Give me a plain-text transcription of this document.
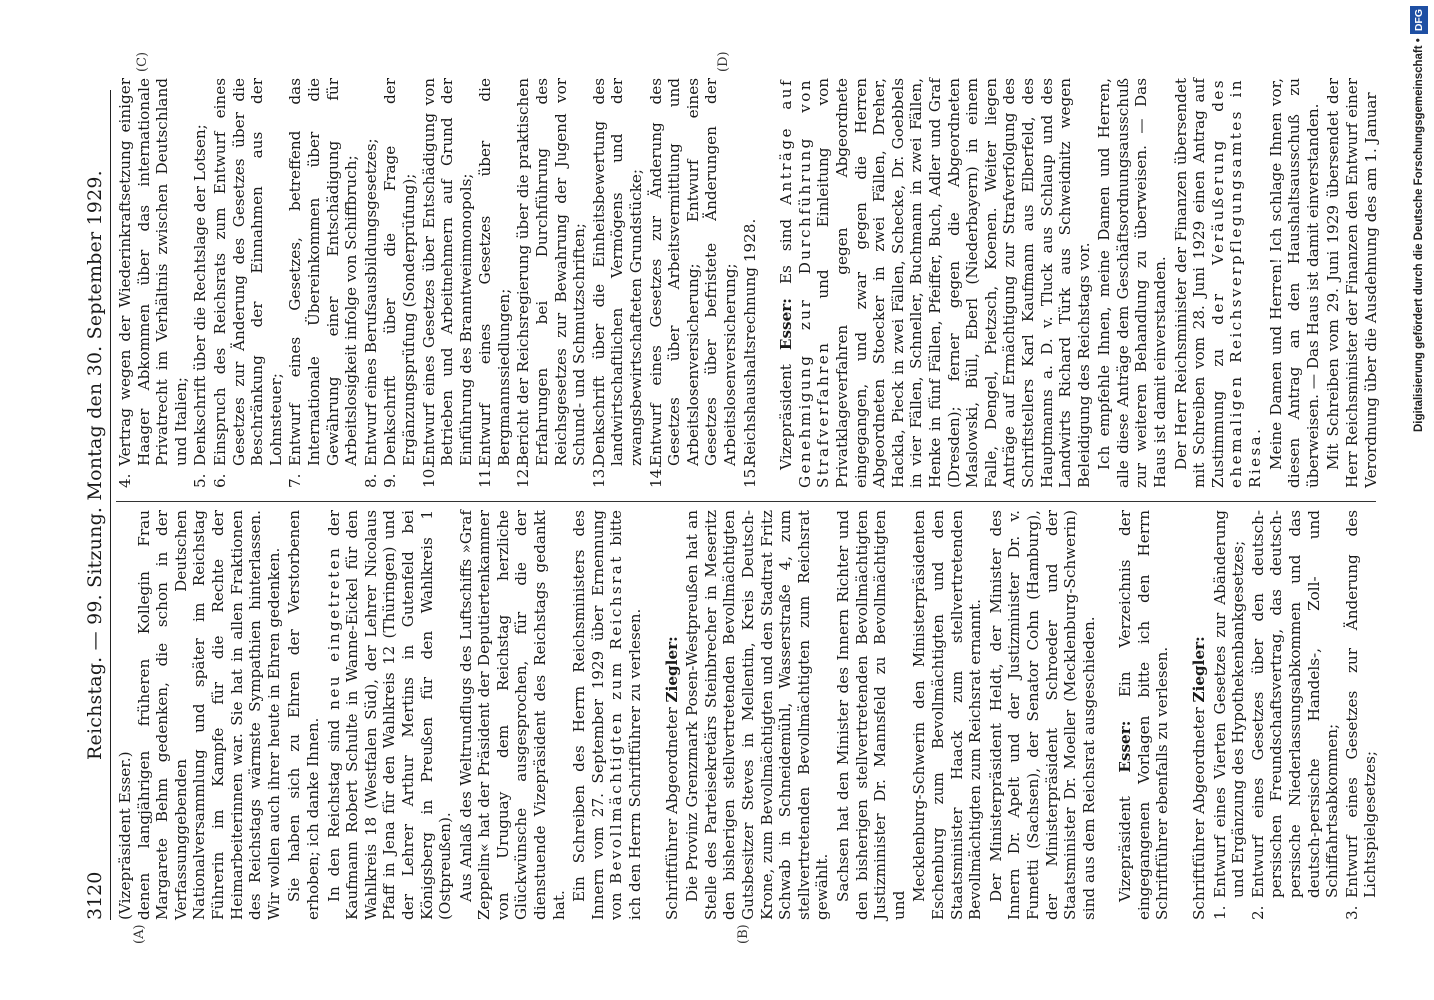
3120
Reichstag. — 99. Sitzung. Montag den 30. September 1929.
(A)	(B)
(C)	(D)

(Vizepräsident Esser.) denen langjährigen früheren Kollegin Frau Margarete Behm gedenken, die schon in der Verfassunggebenden Deutschen Nationalversammlung und später im Reichstag Führerin im Kampfe für die Rechte der Heimarbeiterinnen war. Sie hat in allen Fraktionen des Reichstags wärmste Sympathien hinterlassen. Wir wollen auch ihrer heute in Ehren gedenken. Sie haben sich zu Ehren der Verstorbenen erhoben; ich danke Ihnen. In den Reichstag sind neu eingetreten der Kaufmann Robert Schulte in Wanne-Eickel für den Wahlkreis 18 (Westfalen Süd), der Lehrer Nicolaus Pfaff in Jena für den Wahlkreis 12 (Thüringen) und der Lehrer Arthur Mertins in Gutenfeld bei Königsberg in Preußen für den Wahlkreis 1 (Ostpreußen). Aus Anlaß des Weltrundflugs des Luftschiffs »Graf Zeppelin« hat der Präsident der Deputiertenkammer von Uruguay dem Reichstag herzliche Glückwünsche ausgesprochen, für die der dienstuende Vizepräsident des Reichstags gedankt hat.

Ein Schreiben des Herrn Reichsministers des Innern vom 27. September 1929 über Ernennung von Bevollmächtigten zum Reichsrat bitte ich den Herrn Schriftführer zu verlesen. Schriftführer Abgeordneter Ziegler: Die Provinz Grenzmark Posen-Westpreußen hat an Stelle des Parteisekretärs Steinbrecher in Meseritz den bisherigen stellvertretenden Bevollmächtigten Gutsbesitzer Steves in Mellentin, Kreis Deutsch-Krone, zum Bevollmächtigten und den Stadtrat Fritz Schwab in Schneidemühl, Wasserstraße 4, zum stellvertretenden Bevollmächtigten zum Reichsrat gewählt. Sachsen hat den Minister des Innern Richter und den bisherigen stellvertretenden Bevollmächtigten Justizminister Dr. Mannsfeld zu Bevollmächtigten und

Mecklenburg-Schwerin den Ministerpräsidenten Eschenburg zum Bevollmächtigten und den Staatsminister Haack zum stellvertretenden Bevollmächtigten zum Reichsrat ernannt. Der Ministerpräsident Heldt, der Minister des Innern Dr. Apelt und der Justizminister Dr. v. Fumetti (Sachsen), der Senator Cohn (Hamburg), der Ministerpräsident Schroeder und der Staatsminister Dr. Moeller (Mecklenburg-Schwerin) sind aus dem Reichsrat ausgeschieden. Vizepräsident Esser: Ein Verzeichnis der eingegangenen Vorlagen bitte ich den Herrn Schriftführer ebenfalls zu verlesen. Schriftführer Abgeordneter Ziegler:

1.
Entwurf eines Vierten Gesetzes zur Abänderung und Ergänzung des Hypothekenbankgesetzes;
2.
Entwurf eines Gesetzes über den deutsch-persischen Freundschaftsvertrag, das deutsch-persische Niederlassungsabkommen und das deutsch-persische Handels-, Zoll- und Schiffahrtsabkommen;
3.
Entwurf eines Gesetzes zur Änderung des Lichtspielgesetzes;
4.
Vertrag wegen der Wiederinkraftsetzung einiger Haager Abkommen über das internationale Privatrecht im Verhältnis zwischen Deutschland und Italien;
5.
Denkschrift über die Rechtslage der Lotsen;
6.
Einspruch des Reichsrats zum Entwurf eines Gesetzes zur Änderung des Gesetzes über die Beschränkung der Einnahmen aus der Lohnsteuer;
7.
Entwurf eines Gesetzes, betreffend das Internationale Übereinkommen über die Gewährung einer Entschädigung für Arbeitslosigkeit infolge von Schiffbruch;
8.
Entwurf eines Berufsausbildungsgesetzes;
9.
Denkschrift über die Frage der Ergänzungsprüfung (Sonderprüfung);
10.
Entwurf eines Gesetzes über Entschädigung von Betrieben und Arbeitnehmern auf Grund der Einführung des Branntweinmonopols;
11.
Entwurf eines Gesetzes über die Bergmannssiedlungen;
12.
Bericht der Reichsregierung über die praktischen Erfahrungen bei Durchführung des Reichsgesetzes zur Bewahrung der Jugend vor Schund- und Schmutzschriften;
13.
Denkschrift über die Einheitsbewertung des landwirtschaftlichen Vermögens und der zwangsbewirtschafteten Grundstücke;
14.
Entwurf eines Gesetzes zur Änderung des Gesetzes über Arbeitsvermittlung und Arbeitslosenversicherung; Entwurf eines Gesetzes über befristete Änderungen der Arbeitslosenversicherung;
15.
Reichshaushaltsrechnung 1928. Vizepräsident Esser: Es sind Anträge auf Genehmigung zur Durchführung von Strafverfahren und Einleitung von Privatklageverfahren gegen Abgeordnete eingegangen, und zwar gegen die Herren Abgeordneten Stoecker in zwei Fällen, Dreher, Hackla, Pieck in zwei Fällen, Schecke, Dr. Goebbels in vier Fällen, Schneller, Buchmann in zwei Fällen, Henke in fünf Fällen, Pfeiffer, Buch, Adler und Graf (Dresden); ferner gegen die Abgeordneten Maslowski, Büll, Eberl (Niederbayern) in einem Falle, Dengel, Pietzsch, Koenen. Weiter liegen Anträge auf Ermächtigung zur Strafverfolgung des Schriftstellers Karl Kaufmann aus Elberfeld, des Hauptmanns a. D. v. Tluck aus Schlaup und des Landwirts Richard Türk aus Schweidnitz wegen Beleidigung des Reichstags vor. Ich empfehle Ihnen, meine Damen und Herren, alle diese Anträge dem Geschäftsordnungsausschuß zur weiteren Behandlung zu überweisen. — Das Haus ist damit einverstanden. Der Herr Reichsminister der Finanzen übersendet mit Schreiben vom 28. Juni 1929 einen Antrag auf Zustimmung zu der Veräußerung des ehemaligen Reichsverpflegungsamtes in Riesa. Meine Damen und Herren! Ich schlage Ihnen vor, diesen Antrag an den Haushaltsausschuß zu überweisen. — Das Haus ist damit einverstanden. Mit Schreiben vom 29. Juni 1929 übersendet der Herr Reichsminister der Finanzen den Entwurf einer Verordnung über die Ausdehnung des am 1. Januar	Digitalisierung gefördert durch die Deutsche Forschungsgemeinschaft •DFG
